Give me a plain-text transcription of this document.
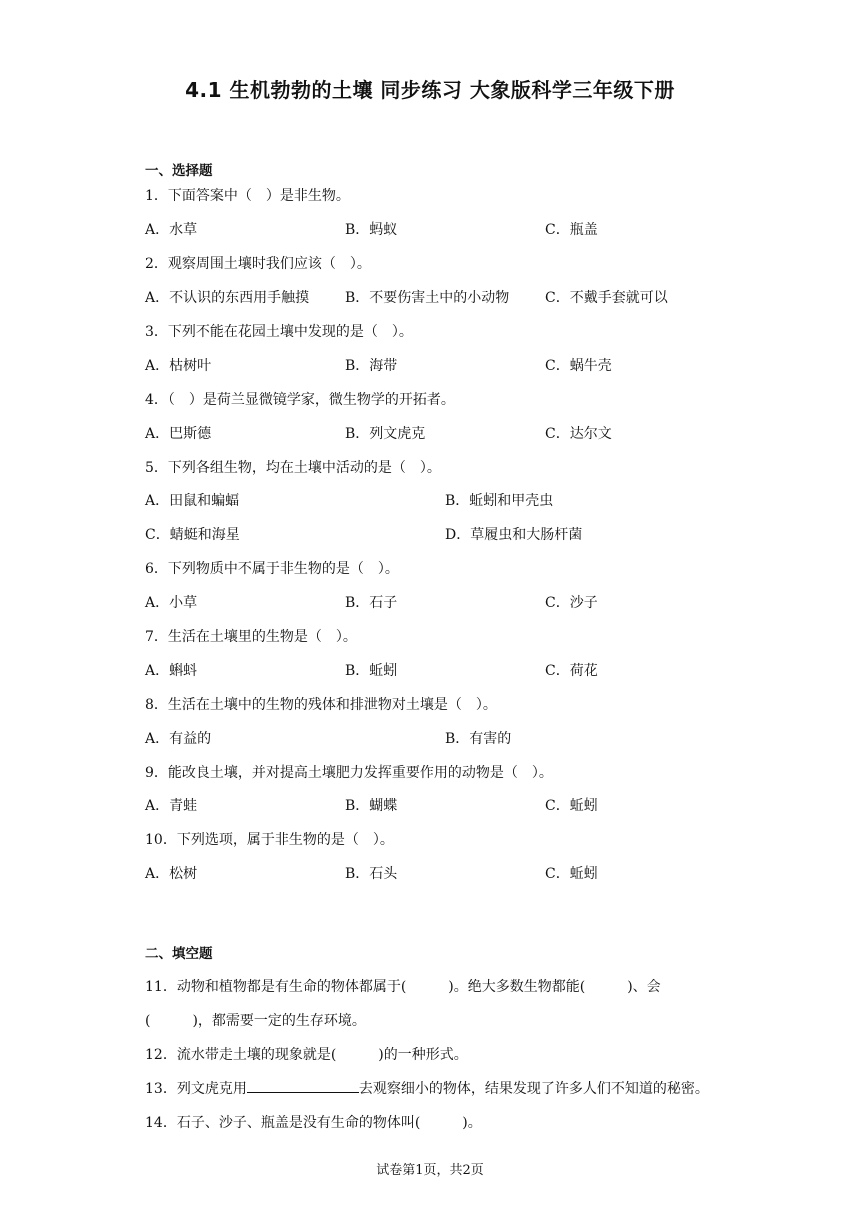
4.1 生机勃勃的土壤 同步练习 大象版科学三年级下册
一、选择题
1．下面答案中（　）是非生物。
A．水草	B．蚂蚁	C．瓶盖
2．观察周围土壤时我们应该（　）。
A．不认识的东西用手触摸	B．不要伤害土中的小动物	C．不戴手套就可以
3．下列不能在花园土壤中发现的是（　）。
A．枯树叶	B．海带	C．蜗牛壳
4．（　）是荷兰显微镜学家，微生物学的开拓者。
A．巴斯德	B．列文虎克	C．达尔文
5．下列各组生物，均在土壤中活动的是（　）。
A．田鼠和蝙蝠	B．蚯蚓和甲壳虫
C．蜻蜓和海星	D．草履虫和大肠杆菌
6．下列物质中不属于非生物的是（　）。
A．小草	B．石子	C．沙子
7．生活在土壤里的生物是（　）。
A．蝌蚪	B．蚯蚓	C．荷花
8．生活在土壤中的生物的残体和排泄物对土壤是（　）。
A．有益的	B．有害的
9．能改良土壤，并对提高土壤肥力发挥重要作用的动物是（　）。
A．青蛙	B．蝴蝶	C．蚯蚓
10．下列选项，属于非生物的是（　）。
A．松树	B．石头	C．蚯蚓
二、填空题
11．动物和植物都是有生命的物体都属于(　　　)。绝大多数生物都能(　　　)、会
(　　　)，都需要一定的生存环境。
12．流水带走土壤的现象就是(　　　)的一种形式。
13．列文虎克用	去观察细小的物体，结果发现了许多人们不知道的秘密。
14．石子、沙子、瓶盖是没有生命的物体叫(　　　)。
试卷第1页，共2页
